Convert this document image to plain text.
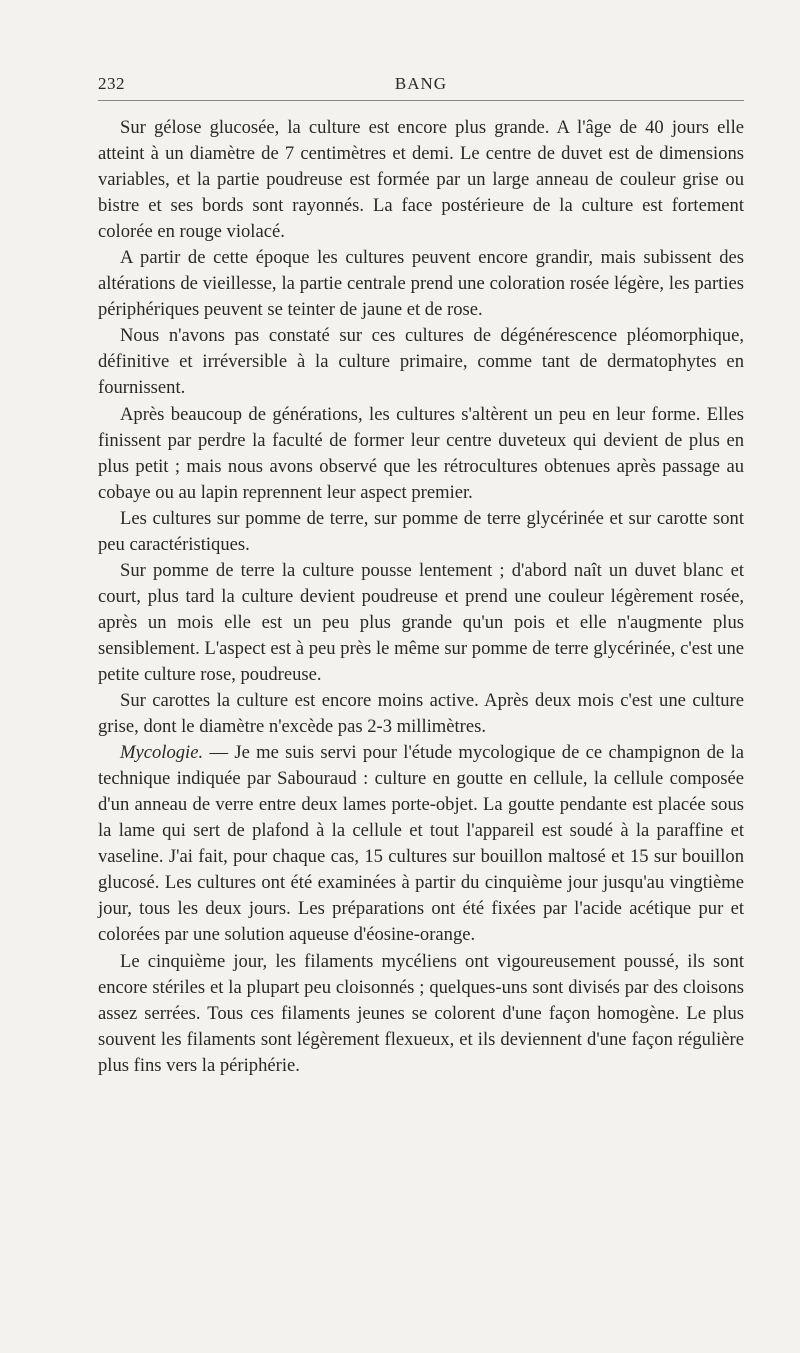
232	BANG

Sur gélose glucosée, la culture est encore plus grande. A l'âge de 40 jours elle atteint à un diamètre de 7 centimètres et demi. Le centre de duvet est de dimensions variables, et la partie poudreuse est formée par un large anneau de couleur grise ou bistre et ses bords sont rayonnés. La face postérieure de la culture est fortement colorée en rouge violacé.

A partir de cette époque les cultures peuvent encore grandir, mais subissent des altérations de vieillesse, la partie centrale prend une coloration rosée légère, les parties périphériques peuvent se teinter de jaune et de rose.

Nous n'avons pas constaté sur ces cultures de dégénérescence pléomorphique, définitive et irréversible à la culture primaire, comme tant de dermatophytes en fournissent.

Après beaucoup de générations, les cultures s'altèrent un peu en leur forme. Elles finissent par perdre la faculté de former leur centre duveteux qui devient de plus en plus petit ; mais nous avons observé que les rétrocultures obtenues après passage au cobaye ou au lapin reprennent leur aspect premier.

Les cultures sur pomme de terre, sur pomme de terre glycérinée et sur carotte sont peu caractéristiques.

Sur pomme de terre la culture pousse lentement ; d'abord naît un duvet blanc et court, plus tard la culture devient poudreuse et prend une couleur légèrement rosée, après un mois elle est un peu plus grande qu'un pois et elle n'augmente plus sensiblement. L'aspect est à peu près le même sur pomme de terre glycérinée, c'est une petite culture rose, poudreuse.

Sur carottes la culture est encore moins active. Après deux mois c'est une culture grise, dont le diamètre n'excède pas 2-3 millimètres.

Mycologie. — Je me suis servi pour l'étude mycologique de ce champignon de la technique indiquée par Sabouraud : culture en goutte en cellule, la cellule composée d'un anneau de verre entre deux lames porte-objet. La goutte pendante est placée sous la lame qui sert de plafond à la cellule et tout l'appareil est soudé à la paraffine et vaseline. J'ai fait, pour chaque cas, 15 cultures sur bouillon maltosé et 15 sur bouillon glucosé. Les cultures ont été examinées à partir du cinquième jour jusqu'au vingtième jour, tous les deux jours. Les préparations ont été fixées par l'acide acétique pur et colorées par une solution aqueuse d'éosine-orange.

Le cinquième jour, les filaments mycéliens ont vigoureusement poussé, ils sont encore stériles et la plupart peu cloisonnés ; quelques-uns sont divisés par des cloisons assez serrées. Tous ces filaments jeunes se colorent d'une façon homogène. Le plus souvent les filaments sont légèrement flexueux, et ils deviennent d'une façon régulière plus fins vers la périphérie.
